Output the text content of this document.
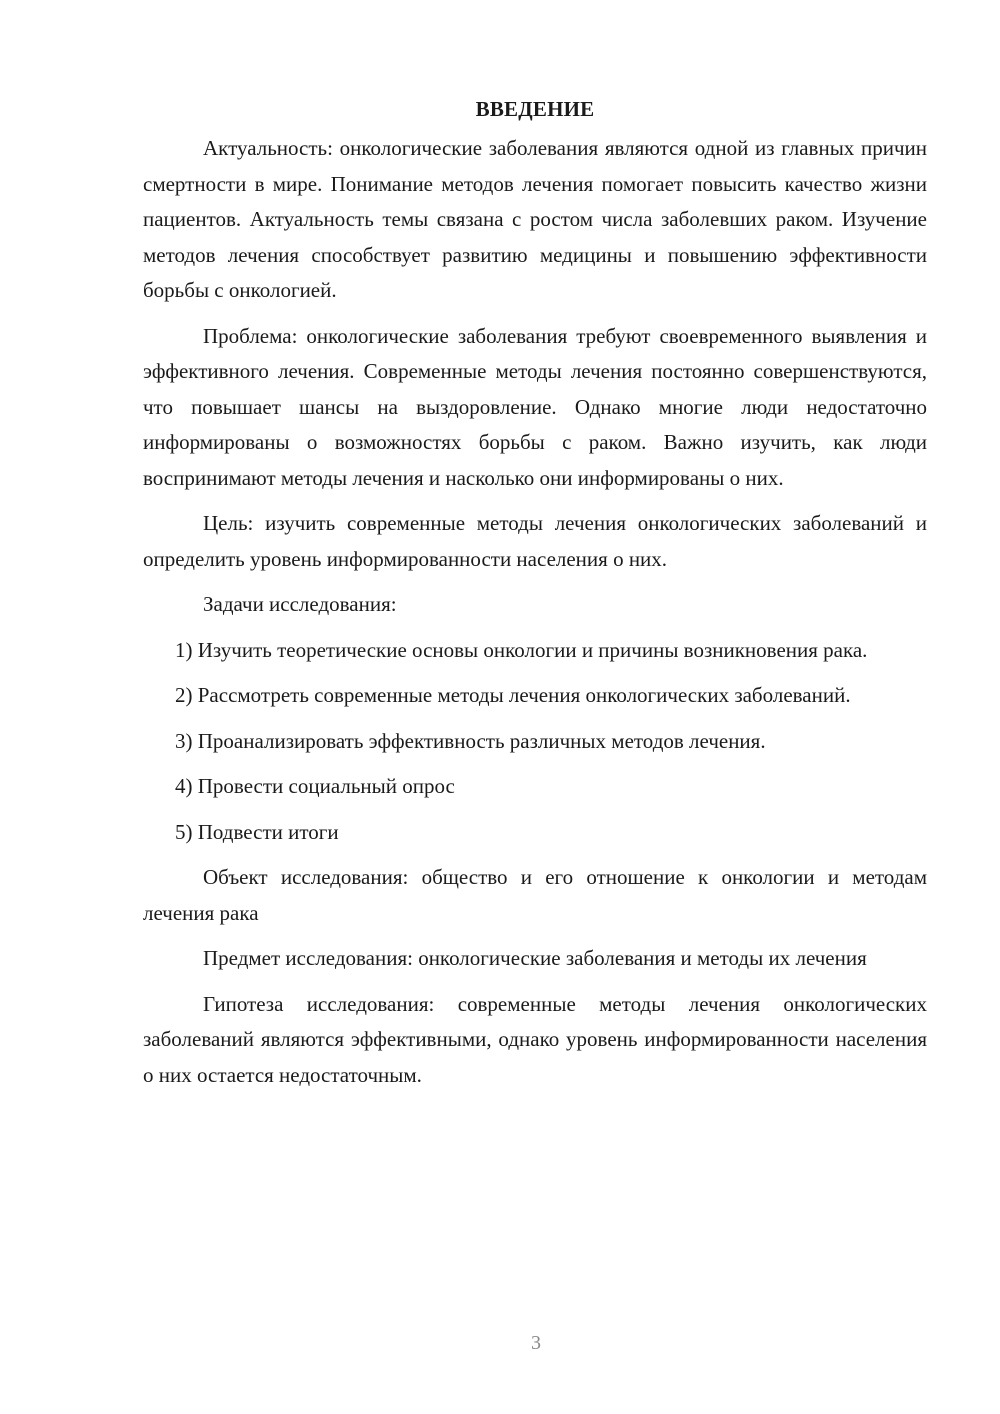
ВВЕДЕНИЕ

Актуальность: онкологические заболевания являются одной из главных причин смертности в мире. Понимание методов лечения помогает повысить качество жизни пациентов. Актуальность темы связана с ростом числа заболевших раком. Изучение методов лечения способствует развитию медицины и повышению эффективности борьбы с онкологией.

Проблема: онкологические заболевания требуют своевременного выявления и эффективного лечения. Современные методы лечения постоянно совершенствуются, что повышает шансы на выздоровление. Однако многие люди недостаточно информированы о возможностях борьбы с раком. Важно изучить, как люди воспринимают методы лечения и насколько они информированы о них.

Цель: изучить современные методы лечения онкологических заболеваний и определить уровень информированности населения о них.

Задачи исследования:

1) Изучить теоретические основы онкологии и причины возникновения рака.

2) Рассмотреть современные методы лечения онкологических заболеваний.

3) Проанализировать эффективность различных методов лечения.

4) Провести социальный опрос

5) Подвести итоги

Объект исследования: общество и его отношение к онкологии и методам лечения рака

Предмет исследования: онкологические заболевания и методы их лечения

Гипотеза исследования: современные методы лечения онкологических заболеваний являются эффективными, однако уровень информированности населения о них остается недостаточным.

3
